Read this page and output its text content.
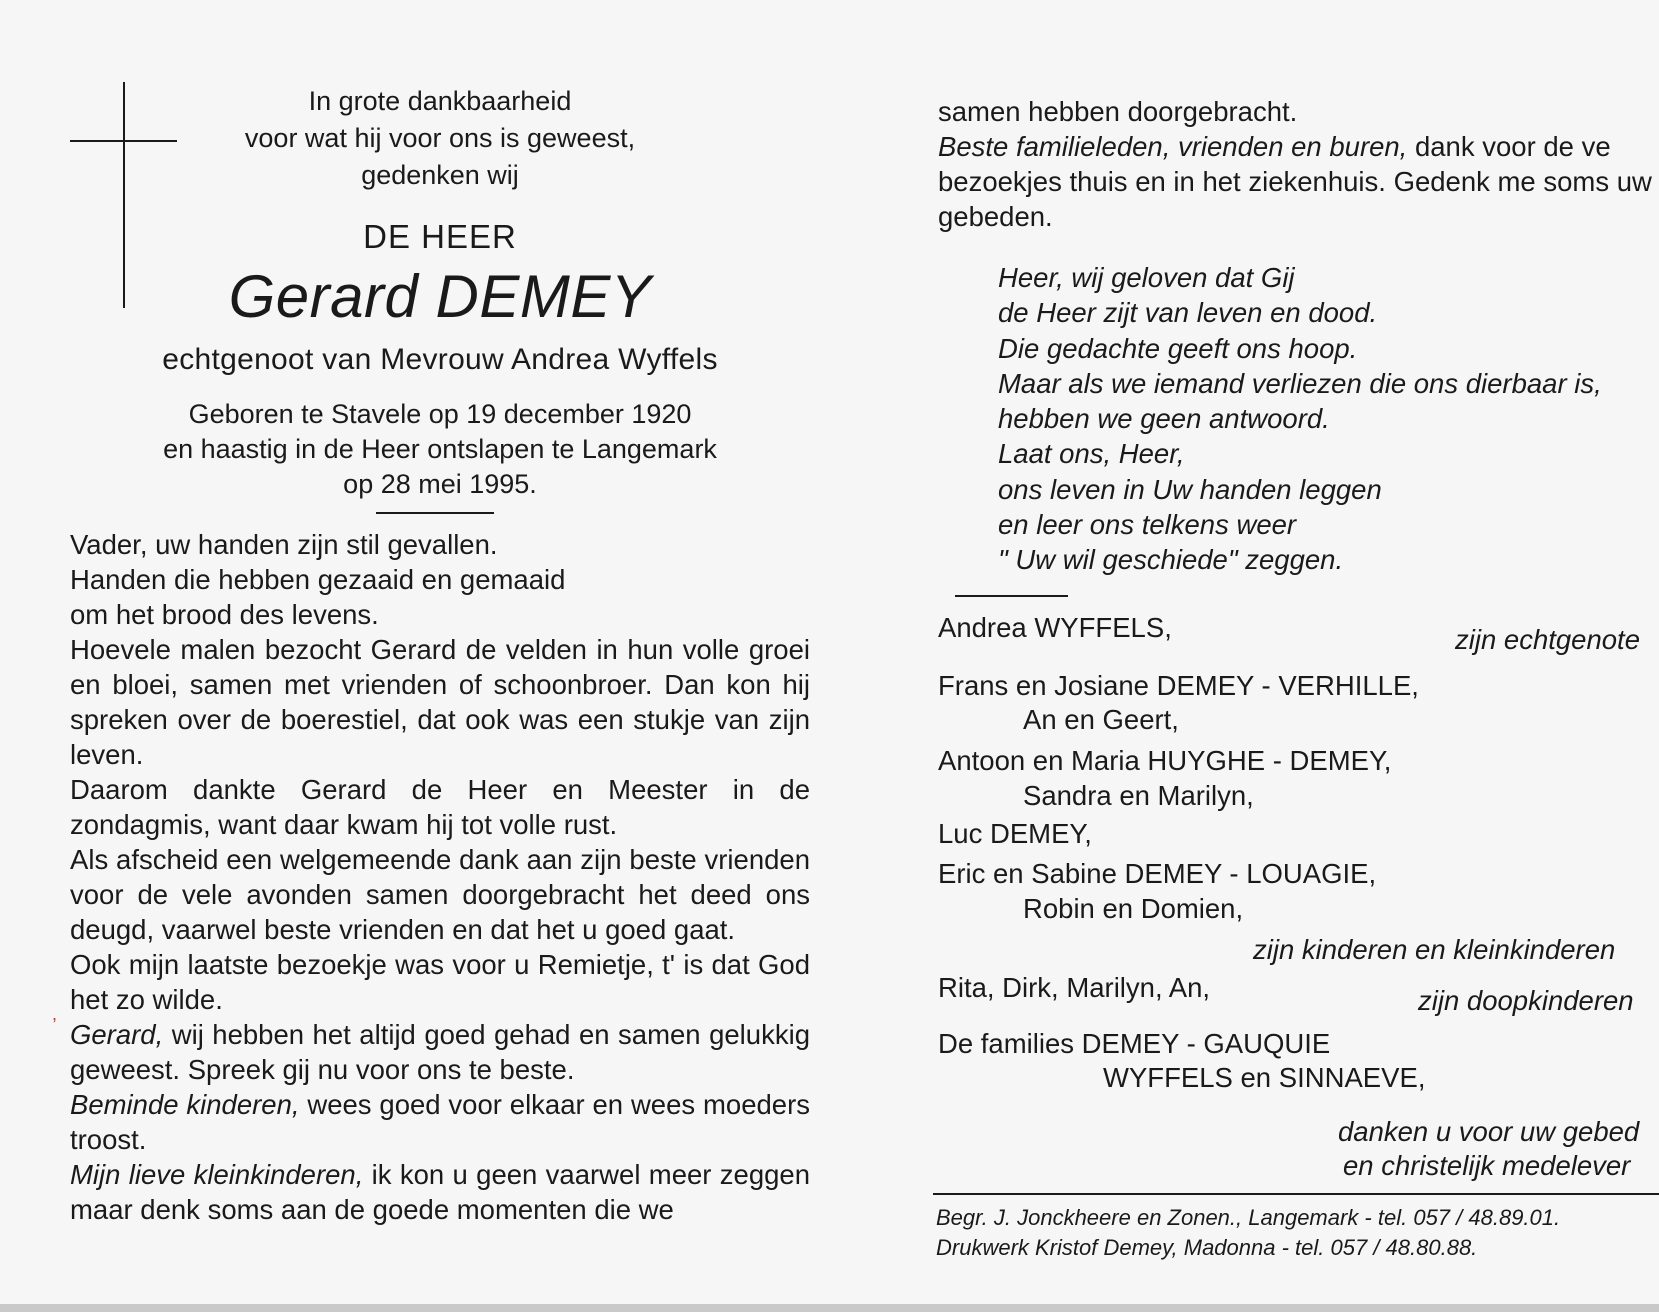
In grote dankbaarheid
voor wat hij voor ons is geweest,
gedenken wij
DE HEER
Gerard DEMEY
echtgenoot van Mevrouw Andrea Wyffels
Geboren te Stavele op 19 december 1920
en haastig in de Heer ontslapen te Langemark
op 28 mei 1995.

Vader, uw handen zijn stil gevallen.

Handen die hebben gezaaid en gemaaid

om het brood des levens.

Hoevele malen bezocht Gerard de velden in hun volle groei en bloei, samen met vrienden of schoonbroer. Dan kon hij spreken over de boerestiel, dat ook was een stukje van zijn leven.

Daarom dankte Gerard de Heer en Meester in de zondagmis, want daar kwam hij tot volle rust.

Als afscheid een welgemeende dank aan zijn beste vrienden voor de vele avonden samen doorgebracht het deed ons deugd, vaarwel beste vrienden en dat het u goed gaat.

Ook mijn laatste bezoekje was voor u Remietje, t' is dat God het zo wilde.

Gerard, wij hebben het altijd goed gehad en samen gelukkig geweest. Spreek gij nu voor ons te beste.

Beminde kinderen, wees goed voor elkaar en wees moeders troost.

Mijn lieve kleinkinderen, ik kon u geen vaarwel meer zeggen maar denk soms aan de goede momenten die we

,

samen hebben doorgebracht.

Beste familieleden, vrienden en buren, dank voor de ve bezoekjes thuis en in het ziekenhuis. Gedenk me soms uw gebeden.

Heer, wij geloven dat Gij
de Heer zijt van leven en dood.
Die gedachte geeft ons hoop.
Maar als we iemand verliezen die ons dierbaar is,
hebben we geen antwoord.
Laat ons, Heer,
ons leven in Uw handen leggen
en leer ons telkens weer
" Uw wil geschiede" zeggen.
Andrea WYFFELS,	zijn echtgenote
Frans en Josiane DEMEY - VERHILLE,
An en Geert,
Antoon en Maria HUYGHE - DEMEY,
Sandra en Marilyn,
Luc DEMEY,
Eric en Sabine DEMEY - LOUAGIE,
Robin en Domien,
zijn kinderen en kleinkinderen
Rita, Dirk, Marilyn, An,	zijn doopkinderen
De families DEMEY - GAUQUIE
WYFFELS en SINNAEVE,
danken u voor uw gebed
en christelijk medelever
Begr. J. Jonckheere en Zonen., Langemark - tel. 057 / 48.89.01.
Drukwerk Kristof Demey, Madonna - tel. 057 / 48.80.88.
